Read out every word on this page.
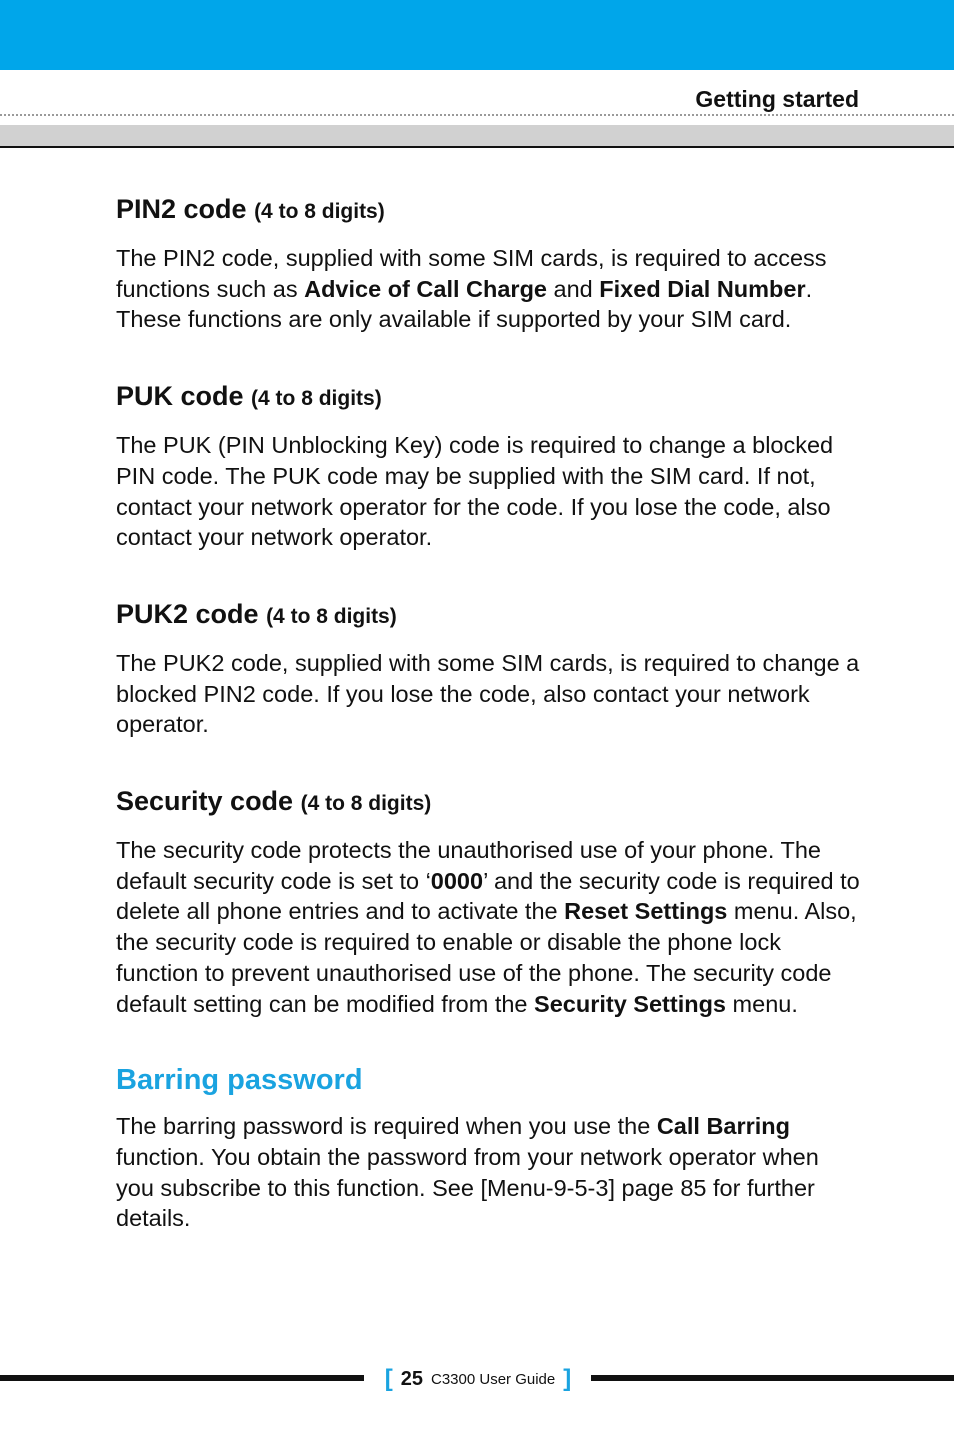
Getting started
PIN2 code (4 to 8 digits)

The PIN2 code, supplied with some SIM cards, is required to access functions such as Advice of Call Charge and Fixed Dial Number. These functions are only available if supported by your SIM card.

PUK code (4 to 8 digits)

The PUK (PIN Unblocking Key) code is required to change a blocked PIN code. The PUK code may be supplied with the SIM card. If not, contact your network operator for the code. If you lose the code, also contact your network operator.

PUK2 code (4 to 8 digits)

The PUK2 code, supplied with some SIM cards, is required to change a blocked PIN2 code. If you lose the code, also contact your network operator.

Security code (4 to 8 digits)

The security code protects the unauthorised use of your phone. The default security code is set to ‘0000’ and the security code is required to delete all phone entries and to activate the Reset Settings menu. Also, the security code is required to enable or disable the phone lock function to prevent unauthorised use of the phone. The security code default setting can be modified from the Security Settings menu.

Barring password

The barring password is required when you use the Call Barring function. You obtain the password from your network operator when you subscribe to this function. See [Menu-9-5-3] page 85 for further details.

[ 25 C3300 User Guide ]
